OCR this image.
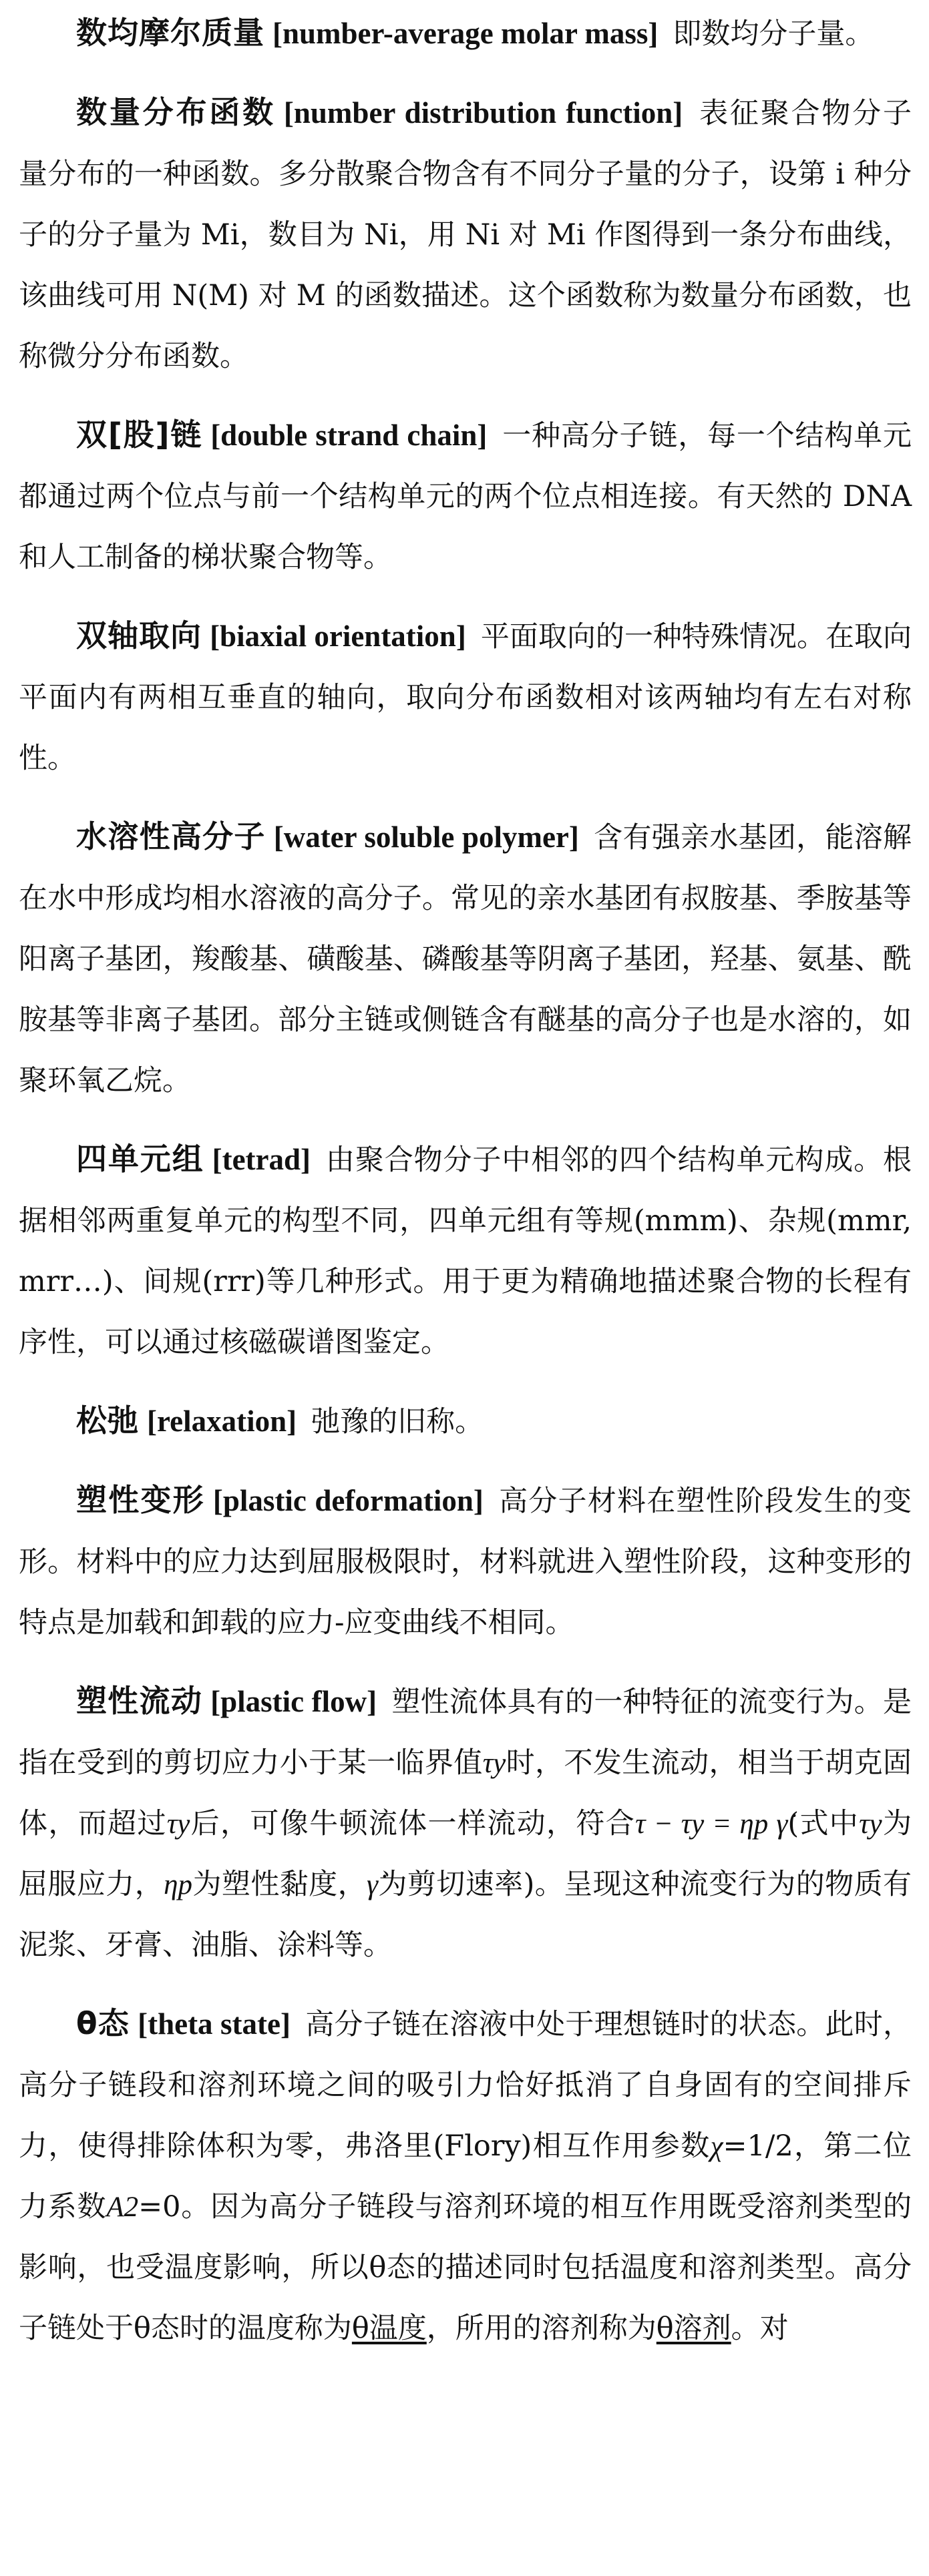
数均摩尔质量 [number-average molar mass] 即数均分子量。

数量分布函数 [number distribution function] 表征聚合物分子量分布的一种函数。多分散聚合物含有不同分子量的分子，设第 i 种分子的分子量为 Mi，数目为 Ni，用 Ni 对 Mi 作图得到一条分布曲线，该曲线可用 N(M) 对 M 的函数描述。这个函数称为数量分布函数，也称微分分布函数。

双[股]链 [double strand chain] 一种高分子链，每一个结构单元都通过两个位点与前一个结构单元的两个位点相连接。有天然的 DNA 和人工制备的梯状聚合物等。

双轴取向 [biaxial orientation] 平面取向的一种特殊情况。在取向平面内有两相互垂直的轴向，取向分布函数相对该两轴均有左右对称性。

水溶性高分子 [water soluble polymer] 含有强亲水基团，能溶解在水中形成均相水溶液的高分子。常见的亲水基团有叔胺基、季胺基等阳离子基团，羧酸基、磺酸基、磷酸基等阴离子基团，羟基、氨基、酰胺基等非离子基团。部分主链或侧链含有醚基的高分子也是水溶的，如聚环氧乙烷。

四单元组 [tetrad] 由聚合物分子中相邻的四个结构单元构成。根据相邻两重复单元的构型不同，四单元组有等规(mmm)、杂规(mmr, mrr…)、间规(rrr)等几种形式。用于更为精确地描述聚合物的长程有序性，可以通过核磁碳谱图鉴定。

松弛 [relaxation] 弛豫的旧称。

塑性变形 [plastic deformation] 高分子材料在塑性阶段发生的变形。材料中的应力达到屈服极限时，材料就进入塑性阶段，这种变形的特点是加载和卸载的应力-应变曲线不相同。

塑性流动 [plastic flow] 塑性流体具有的一种特征的流变行为。是指在受到的剪切应力小于某一临界值τy时，不发生流动，相当于胡克固体，而超过τy后，可像牛顿流体一样流动，符合τ − τy = ηp γ̇(式中τy为屈服应力，ηp为塑性黏度，γ̇为剪切速率)。呈现这种流变行为的物质有泥浆、牙膏、油脂、涂料等。

θ态 [theta state] 高分子链在溶液中处于理想链时的状态。此时，高分子链段和溶剂环境之间的吸引力恰好抵消了自身固有的空间排斥力，使得排除体积为零，弗洛里(Flory)相互作用参数χ=1/2，第二位力系数A2=0。因为高分子链段与溶剂环境的相互作用既受溶剂类型的影响，也受温度影响，所以θ态的描述同时包括温度和溶剂类型。高分子链处于θ态时的温度称为θ温度，所用的溶剂称为θ溶剂。对
